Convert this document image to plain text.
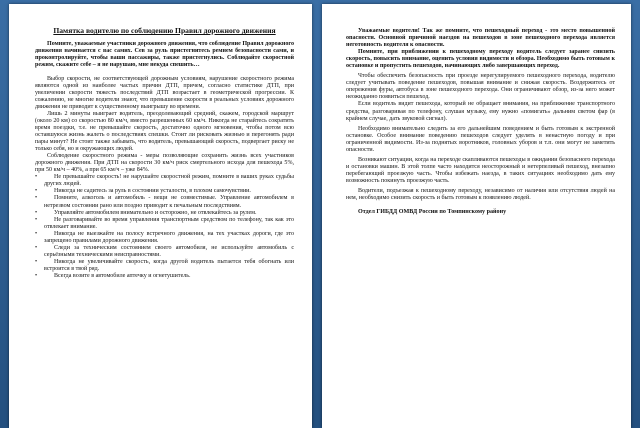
Памятка водителю по соблюдению Правил дорожного движения

Помните, уважаемые участники дорожного движения, что соблюдение Правил дорожного движения начинается с вас самих. Сев за руль пристегнитесь ремнем безопасности сами, и проконтролируйте, чтобы ваши пассажиры, также пристегнулись. Соблюдайте скоростной режим, скажите себе – я не нарушаю, мне некуда спешить…

Выбор скорости, не соответствующей дорожным условиям, нарушение скоростного режима являются одной из наиболее частых причин ДТП, причем, согласно статистике ДТП, при увеличении скорости тяжесть последствий ДТП возрастает в геометрической прогрессии. К сожалению, не многие водители знают, что превышение скорости в реальных условиях дорожного движения не приводит к существенному выигрышу во времени.

Лишь 2 минуты выиграет водитель, преодолевающий средний, скажем, городской маршрут (около 20 км) со скоростью 80 км/ч, вместо разрешенных 60 км/ч. Никогда не старайтесь сократить время поездки, т.е. не превышайте скорость, достаточно одного мгновения, чтобы потом всю оставшуюся жизнь жалеть о последствиях спешки. Стоит ли рисковать жизнью и перегонять ради пары минут? Не стоит также забывать, что водитель, превышающий скорость, подвергает риску не только себя, но и окружающих людей.

Соблюдение скоростного режима - меры позволяющие сохранить жизнь всех участников дорожного движения. При ДТП на скорости 30 км/ч риск смертельного исхода для пешехода 5%, при 50 км/ч – 40%, а при 65 км/ч – уже 84%.

•	Не превышайте скорость! не нарушайте скоростной режим, помните в ваших руках судьбы других людей.
•	Никогда не садитесь за руль в состоянии усталости, в плохом самочувствии.
•	Помните, алкоголь и автомобиль - вещи не совместимые. Управление автомобилем в нетрезвом состоянии рано или поздно приводит к печальным последствиям.
•	Управляйте автомобилем внимательно и осторожно, не отвлекайтесь за рулем.
•	Не разговаривайте во время управления транспортным средством по телефону, так как это отвлекает внимание.
•	Никогда не выезжайте на полосу встречного движения, на тех участках дороги, где это запрещено правилами дорожного движения.
•	Следи за техническим состоянием своего автомобиля, не используйте автомобиль с серьёзными техническими неисправностями.
•	Никогда не увеличивайте скорость, когда другой водитель пытается тебя обогнать или встроится в твой ряд.
•	Всегда возите в автомобиле аптечку и огнетушитель.

Уважаемые водители! Так же помните, что пешеходный переход - это место повышенной опасности. Основной причиной наездов на пешеходов в зоне пешеходного перехода является неготовность водителя к опасности.

Помните, при приближении к пешеходному переходу водитель следует заранее снизить скорость, повысить внимание, оценить условия видимости и обзора. Необходимо быть готовым к остановке и пропустить пешеходов, начинающих либо завершающих переход.

Чтобы обеспечить безопасность при проезде нерегулируемого пешеходного перехода, водителю следует учитывать поведение пешеходов, повышая внимание и снижая скорость. Воздержитесь от опережения фуры, автобуса в зоне пешеходного перехода. Они ограничивают обзор, из-за него может неожиданно появиться пешеход.

Если водитель видит пешехода, который не обращает внимания, на приближение транспортного средства, разговаривая по телефону, слушая музыку, ему нужно «помигать» дальним светом фар (в крайнем случае, дать звуковой сигнал).

Необходимо внимательно следить за его дальнейшим поведением и быть готовым к экстренной остановке. Особое внимание поведению пешеходов следует уделять в ненастную погоду и при ограниченной видимости. Из-за поднятых воротников, головных уборов и т.п. они могут не заметить опасности.

Возникают ситуации, когда на переходе скапливаются пешеходы в ожидании безопасного перехода и остановки машин. В этой толпе часто находится неосторожный и нетерпеливый пешеход, внезапно перебегающий проезжую часть. Чтобы избежать наезда, в таких ситуациях необходимо дать ему возможность покинуть проезжую часть.

Водители, подъезжая к пешеходному переходу, независимо от наличия или отсутствия людей на нем, необходимо снизить скорость и быть готовым к появлению людей.

Отдел ГИБДД ОМВД России по Томпинскому району
